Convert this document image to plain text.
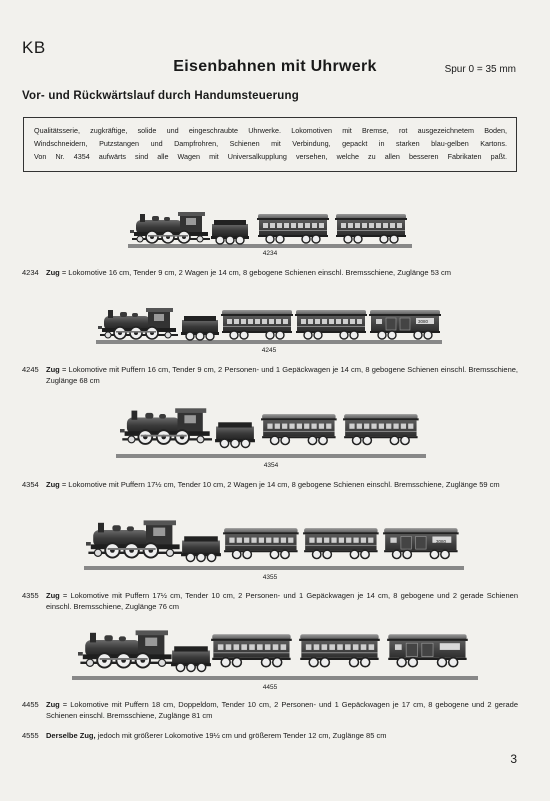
KB
Eisenbahnen mit Uhrwerk	Spur 0 = 35 mm
Vor- und Rückwärtslauf durch Handumsteuerung

Qualitätsserie, zugkräftige, solide und eingeschraubte Uhrwerke. Lokomotiven mit Bremse, rot ausgezeichnetem Boden,

Windschneidern, Putzstangen und Dampfrohren, Schienen mit Verbindung, gepackt in starken blau-gelben Kartons.

Von Nr. 4354 aufwärts sind alle Wagen mit Universalkupplung versehen, welche zu allen besseren Fabrikaten paßt.

4234
3080
4245
4354
3080
4355
4455
4234 Zug = Lokomotive 16 cm, Tender 9 cm, 2 Wagen je 14 cm, 8 gebogene Schienen einschl. Bremsschiene, Zuglänge 53 cm
4245 Zug = Lokomotive mit Puffern 16 cm, Tender 9 cm, 2 Personen- und 1 Gepäckwagen je 14 cm, 8 gebogene Schienen einschl. Bremsschiene, Zuglänge 68 cm
4354 Zug = Lokomotive mit Puffern 17½ cm, Tender 10 cm, 2 Wagen je 14 cm, 8 gebogene Schienen einschl. Bremsschiene, Zuglänge 59 cm
4355 Zug = Lokomotive mit Puffern 17½ cm, Tender 10 cm, 2 Personen- und 1 Gepäckwagen je 14 cm, 8 gebogene und 2 gerade Schienen einschl. Bremsschiene, Zuglänge 76 cm
4455 Zug = Lokomotive mit Puffern 18 cm, Doppeldom, Tender 10 cm, 2 Personen- und 1 Gepäckwagen je 17 cm, 8 gebogene und 2 gerade Schienen einschl. Bremsschiene, Zuglänge 81 cm
4555 Derselbe Zug, jedoch mit größerer Lokomotive 19½ cm und größerem Tender 12 cm, Zuglänge 85 cm
3
